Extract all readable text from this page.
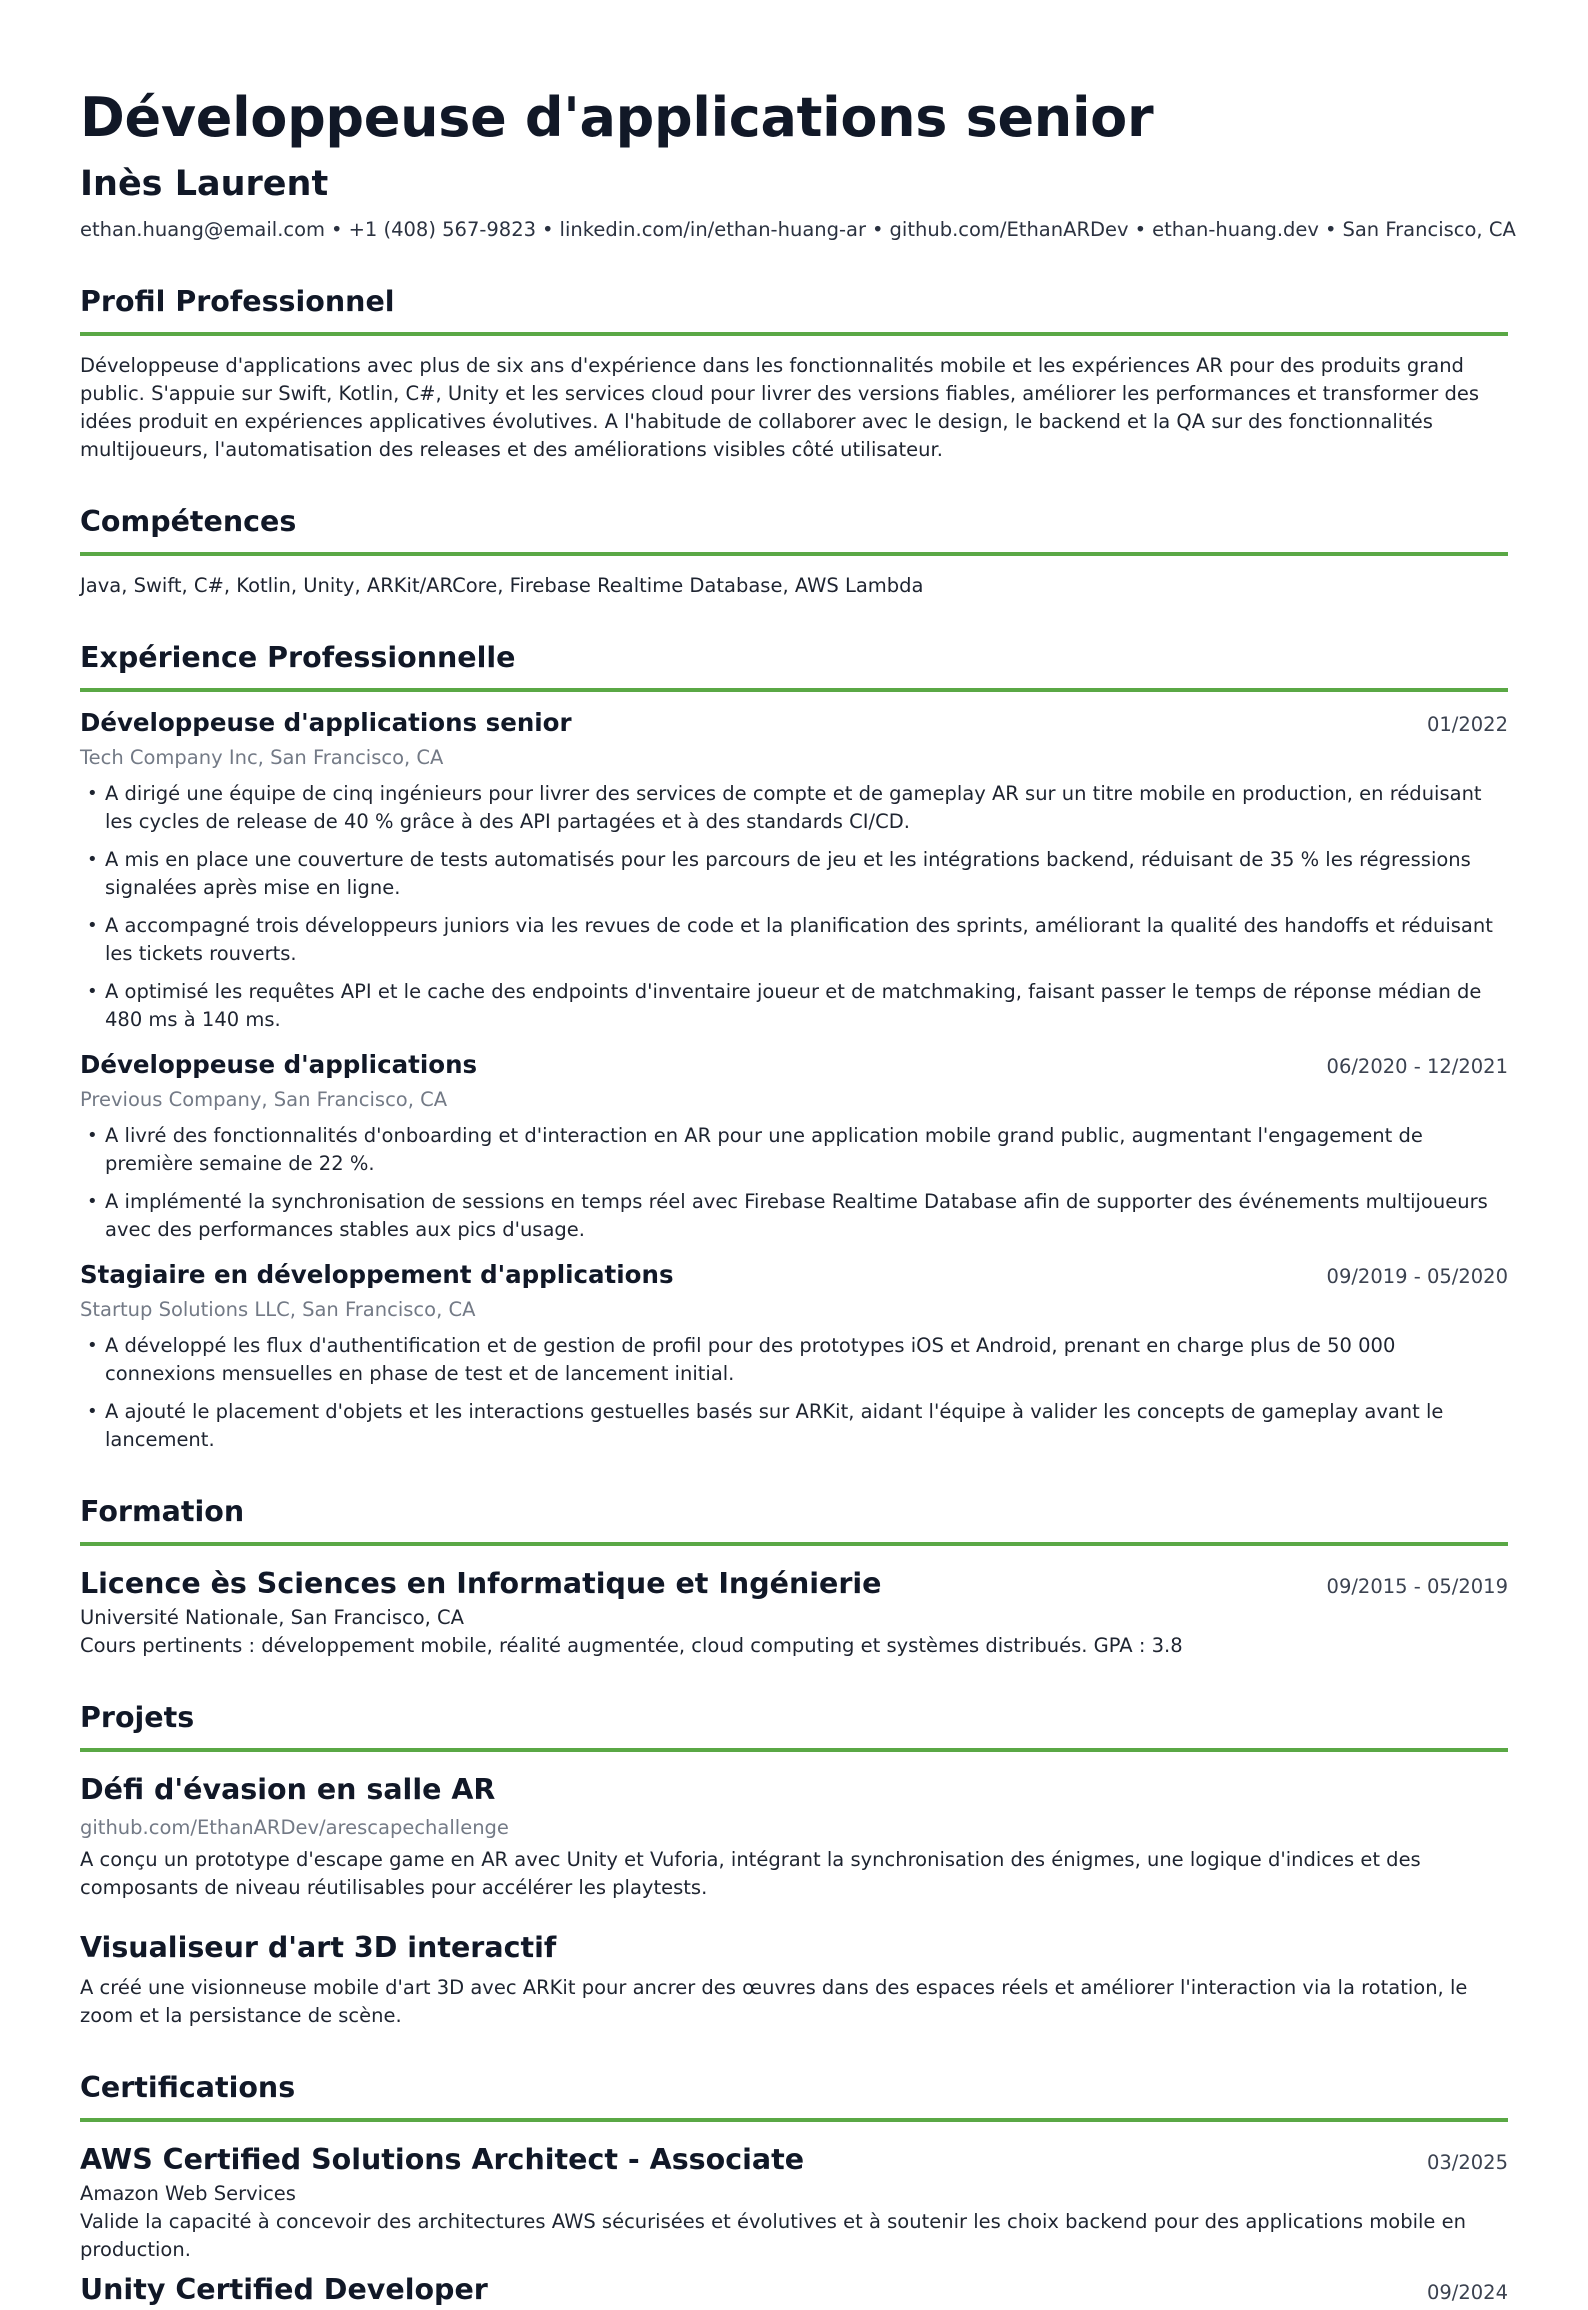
Développeuse d'applications senior
Inès Laurent
ethan.huang@email.com • +1 (408) 567-9823 • linkedin.com/in/ethan-huang-ar • github.com/EthanARDev • ethan-huang.dev • San Francisco, CA
Profil Professionnel

Développeuse d'applications avec plus de six ans d'expérience dans les fonctionnalités mobile et les expériences AR pour des produits grand public. S'appuie sur Swift, Kotlin, C#, Unity et les services cloud pour livrer des versions fiables, améliorer les performances et transformer des idées produit en expériences applicatives évolutives. A l'habitude de collaborer avec le design, le backend et la QA sur des fonctionnalités multijoueurs, l'automatisation des releases et des améliorations visibles côté utilisateur.

Compétences

Java, Swift, C#, Kotlin, Unity, ARKit/ARCore, Firebase Realtime Database, AWS Lambda

Expérience Professionnelle
Développeuse d'applications senior	01/2022
Tech Company Inc, San Francisco, CA
• A dirigé une équipe de cinq ingénieurs pour livrer des services de compte et de gameplay AR sur un titre mobile en production, en réduisant les cycles de release de 40 % grâce à des API partagées et à des standards CI/CD.
• A mis en place une couverture de tests automatisés pour les parcours de jeu et les intégrations backend, réduisant de 35 % les régressions signalées après mise en ligne.
• A accompagné trois développeurs juniors via les revues de code et la planification des sprints, améliorant la qualité des handoffs et réduisant les tickets rouverts.
• A optimisé les requêtes API et le cache des endpoints d'inventaire joueur et de matchmaking, faisant passer le temps de réponse médian de 480 ms à 140 ms.
Développeuse d'applications	06/2020 - 12/2021
Previous Company, San Francisco, CA
• A livré des fonctionnalités d'onboarding et d'interaction en AR pour une application mobile grand public, augmentant l'engagement de première semaine de 22 %.
• A implémenté la synchronisation de sessions en temps réel avec Firebase Realtime Database afin de supporter des événements multijoueurs avec des performances stables aux pics d'usage.
Stagiaire en développement d'applications	09/2019 - 05/2020
Startup Solutions LLC, San Francisco, CA
• A développé les flux d'authentification et de gestion de profil pour des prototypes iOS et Android, prenant en charge plus de 50 000 connexions mensuelles en phase de test et de lancement initial.
• A ajouté le placement d'objets et les interactions gestuelles basés sur ARKit, aidant l'équipe à valider les concepts de gameplay avant le lancement.
Formation
Licence ès Sciences en Informatique et Ingénierie	09/2015 - 05/2019
Université Nationale, San Francisco, CA
Cours pertinents : développement mobile, réalité augmentée, cloud computing et systèmes distribués. GPA : 3.8
Projets
Défi d'évasion en salle AR
github.com/EthanARDev/arescapechallenge
A conçu un prototype d'escape game en AR avec Unity et Vuforia, intégrant la synchronisation des énigmes, une logique d'indices et des composants de niveau réutilisables pour accélérer les playtests.
Visualiseur d'art 3D interactif
A créé une visionneuse mobile d'art 3D avec ARKit pour ancrer des œuvres dans des espaces réels et améliorer l'interaction via la rotation, le zoom et la persistance de scène.
Certifications
AWS Certified Solutions Architect - Associate	03/2025
Amazon Web Services
Valide la capacité à concevoir des architectures AWS sécurisées et évolutives et à soutenir les choix backend pour des applications mobile en production.
Unity Certified Developer	09/2024
